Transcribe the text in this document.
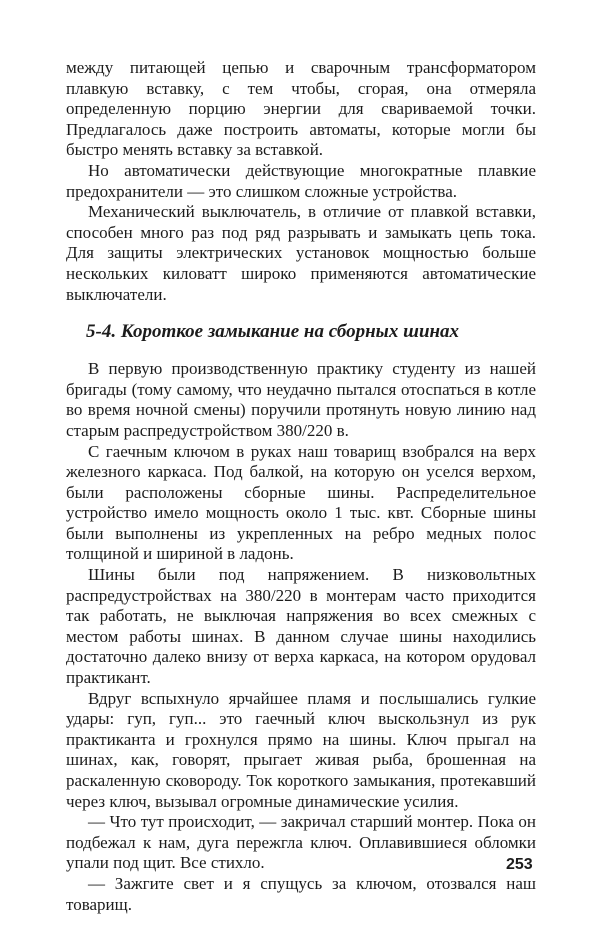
между питающей цепью и сварочным трансформатором плавкую вставку, с тем чтобы, сгорая, она отмеряла определенную порцию энергии для свариваемой точки. Предлагалось даже построить автоматы, которые могли бы быстро менять вставку за вставкой.

Но автоматически действующие многократные плавкие предохранители — это слишком сложные устройства.

Механический выключатель, в отличие от плавкой вставки, способен много раз под ряд разрывать и замыкать цепь тока. Для защиты электрических установок мощностью больше нескольких киловатт широко применяются автоматические выключатели.

5-4. Короткое замыкание на сборных шинах

В первую производственную практику студенту из нашей бригады (тому самому, что неудачно пытался отоспаться в котле во время ночной смены) поручили протянуть новую линию над старым распредустройством 380/220 в.

С гаечным ключом в руках наш товарищ взобрался на верх железного каркаса. Под балкой, на которую он уселся верхом, были расположены сборные шины. Распределительное устройство имело мощность около 1 тыс. квт. Сборные шины были выполнены из укрепленных на ребро медных полос толщиной и шириной в ладонь.

Шины были под напряжением. В низковольтных распредустройствах на 380/220 в монтерам часто приходится так работать, не выключая напряжения во всех смежных с местом работы шинах. В данном случае шины находились достаточно далеко внизу от верха каркаса, на котором орудовал практикант.

Вдруг вспыхнуло ярчайшее пламя и послышались гулкие удары: гуп, гуп... это гаечный ключ выскользнул из рук практиканта и грохнулся прямо на шины. Ключ прыгал на шинах, как, говорят, прыгает живая рыба, брошенная на раскаленную сковороду. Ток короткого замыкания, протекавший через ключ, вызывал огромные динамические усилия.

— Что тут происходит, — закричал старший монтер. Пока он подбежал к нам, дуга пережгла ключ. Оплавившиеся обломки упали под щит. Все стихло.

— Зажгите свет и я спущусь за ключом, отозвался наш товарищ.

253
